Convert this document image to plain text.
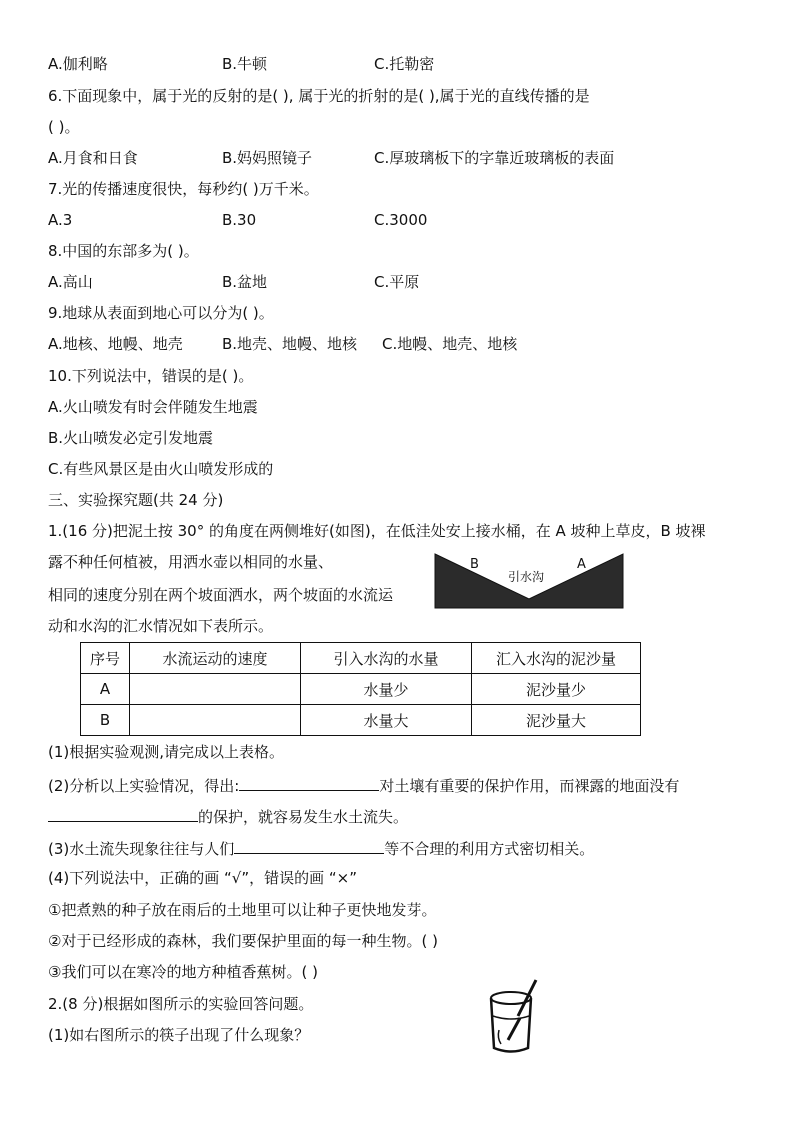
A.伽利略	B.牛顿	C.托勒密
6.下面现象中，属于光的反射的是( ), 属于光的折射的是( ),属于光的直线传播的是
( )。
A.月食和日食	B.妈妈照镜子	C.厚玻璃板下的字靠近玻璃板的表面
7.光的传播速度很快，每秒约( )万千米。
A.3	B.30	C.3000
8.中国的东部多为( )。
A.高山	B.盆地	C.平原
9.地球从表面到地心可以分为( )。
A.地核、地幔、地壳	B.地壳、地幔、地核 C.地幔、地壳、地核
10.下列说法中，错误的是( )。
A.火山喷发有时会伴随发生地震
B.火山喷发必定引发地震
C.有些风景区是由火山喷发形成的
三、实验探究题(共 24 分)
1.(16 分)把泥土按 30° 的角度在两侧堆好(如图)，在低洼处安上接水桶，在 A 坡种上草皮，B 坡裸
露不种任何植被，用洒水壶以相同的水量、
相同的速度分别在两个坡面洒水，两个坡面的水流运
动和水沟的汇水情况如下表所示。
B	A
引水沟
序号	水流运动的速度	引入水沟的水量	汇入水沟的泥沙量
A		水量少	泥沙量少
B		水量大	泥沙量大
(1)根据实验观测,请完成以上表格。
(2)分析以上实验情况，得出:	对土壤有重要的保护作用，而裸露的地面没有
的保护，就容易发生水土流失。
(3)水土流失现象往往与人们	等不合理的利用方式密切相关。
(4)下列说法中，正确的画 “√”，错误的画 “×”
①把煮熟的种子放在雨后的土地里可以让种子更快地发芽。
②对于已经形成的森林，我们要保护里面的每一种生物。( )
③我们可以在寒冷的地方种植香蕉树。( )
2.(8 分)根据如图所示的实验回答问题。
(1)如右图所示的筷子出现了什么现象？
